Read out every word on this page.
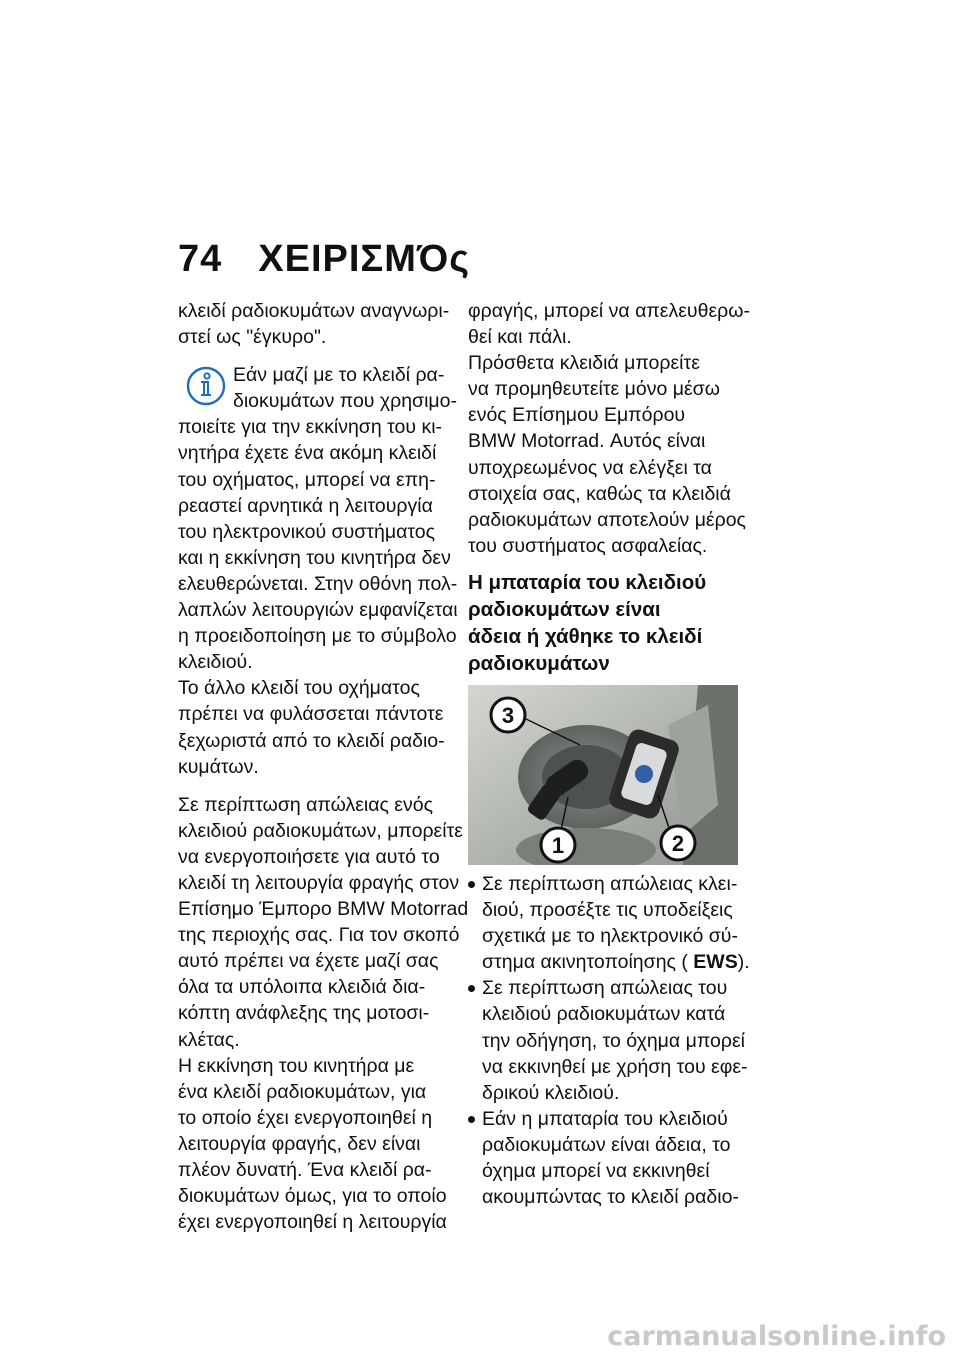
74 ΧΕΙΡΙΣΜΌς
κλειδί ραδιοκυμάτων αναγνωρι-
στεί ως "έγκυρο".
Εάν μαζί με το κλειδί ρα-
διοκυμάτων που χρησιμο-
ποιείτε για την εκκίνηση του κι-
νητήρα έχετε ένα ακόμη κλειδί
του οχήματος, μπορεί να επη-
ρεαστεί αρνητικά η λειτουργία
του ηλεκτρονικού συστήματος
και η εκκίνηση του κινητήρα δεν
ελευθερώνεται. Στην οθόνη πολ-
λαπλών λειτουργιών εμφανίζεται
η προειδοποίηση με το σύμβολο
κλειδιού.
Το άλλο κλειδί του οχήματος
πρέπει να φυλάσσεται πάντοτε
ξεχωριστά από το κλειδί ραδιο-
κυμάτων.
Σε περίπτωση απώλειας ενός
κλειδιού ραδιοκυμάτων, μπορείτε
να ενεργοποιήσετε για αυτό το
κλειδί τη λειτουργία φραγής στον
Επίσημο Έμπορο BMW Motorrad
της περιοχής σας. Για τον σκοπό
αυτό πρέπει να έχετε μαζί σας
όλα τα υπόλοιπα κλειδιά δια-
κόπτη ανάφλεξης της μοτοσι-
κλέτας.
Η εκκίνηση του κινητήρα με
ένα κλειδί ραδιοκυμάτων, για
το οποίο έχει ενεργοποιηθεί η
λειτουργία φραγής, δεν είναι
πλέον δυνατή. Ένα κλειδί ρα-
διοκυμάτων όμως, για το οποίο
έχει ενεργοποιηθεί η λειτουργία
φραγής, μπορεί να απελευθερω-
θεί και πάλι.
Πρόσθετα κλειδιά μπορείτε
να προμηθευτείτε μόνο μέσω
ενός Επίσημου Εμπόρου
BMW Motorrad. Αυτός είναι
υποχρεωμένος να ελέγξει τα
στοιχεία σας, καθώς τα κλειδιά
ραδιοκυμάτων αποτελούν μέρος
του συστήματος ασφαλείας.
Η μπαταρία του κλειδιού
ραδιοκυμάτων είναι
άδεια ή χάθηκε το κλειδί
ραδιοκυμάτων
3
1	2
Σε περίπτωση απώλειας κλει-
διού, προσέξτε τις υποδείξεις
σχετικά με το ηλεκτρονικό σύ-
στημα ακινητοποίησης ( EWS).
Σε περίπτωση απώλειας του
κλειδιού ραδιοκυμάτων κατά
την οδήγηση, το όχημα μπορεί
να εκκινηθεί με χρήση του εφε-
δρικού κλειδιού.
Εάν η μπαταρία του κλειδιού
ραδιοκυμάτων είναι άδεια, το
όχημα μπορεί να εκκινηθεί
ακουμπώντας το κλειδί ραδιο-
carmanualsonline.info
